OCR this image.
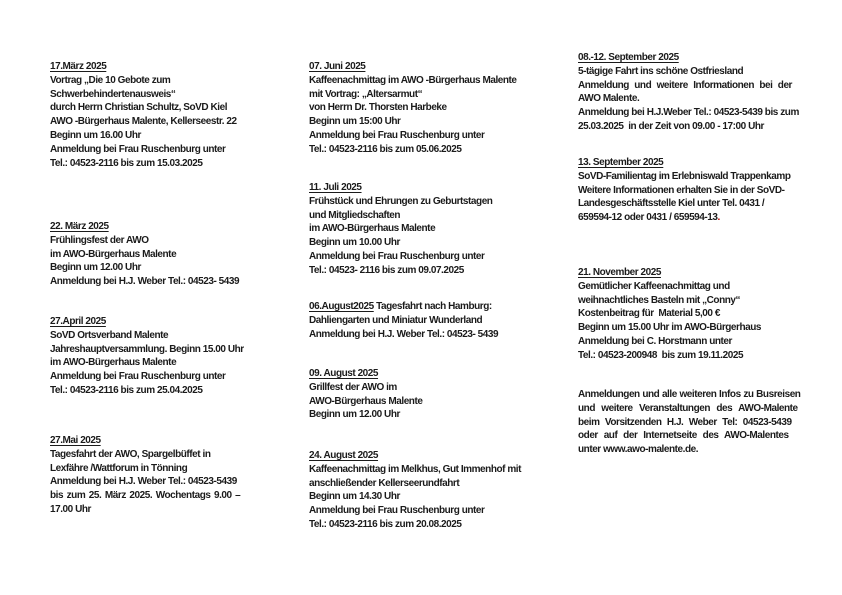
17.März 2025
Vortrag „Die 10 Gebote zum
Schwerbehindertenausweis“
durch Herrn Christian Schultz, SoVD Kiel
AWO -Bürgerhaus Malente, Kellerseestr. 22
Beginn um 16.00 Uhr
Anmeldung bei Frau Ruschenburg unter
Tel.: 04523-2116 bis zum 15.03.2025
22. März 2025
Frühlingsfest der AWO
im AWO-Bürgerhaus Malente
Beginn um 12.00 Uhr
Anmeldung bei H.J. Weber Tel.: 04523- 5439
27.April 2025
SoVD Ortsverband Malente
Jahreshauptversammlung. Beginn 15.00 Uhr
im AWO-Bürgerhaus Malente
Anmeldung bei Frau Ruschenburg unter
Tel.: 04523-2116 bis zum 25.04.2025
27.Mai 2025
Tagesfahrt der AWO, Spargelbüffet in
Lexfähre /Wattforum in Tönning
Anmeldung bei H.J. Weber Tel.: 04523-5439
bis zum 25. März 2025. Wochentags 9.00 –
17.00 Uhr
07. Juni 2025
Kaffeenachmittag im AWO -Bürgerhaus Malente
mit Vortrag: „Altersarmut“
von Herrn Dr. Thorsten Harbeke
Beginn um 15:00 Uhr
Anmeldung bei Frau Ruschenburg unter
Tel.: 04523-2116 bis zum 05.06.2025
11. Juli 2025
Frühstück und Ehrungen zu Geburtstagen
und Mitgliedschaften
im AWO-Bürgerhaus Malente
Beginn um 10.00 Uhr
Anmeldung bei Frau Ruschenburg unter
Tel.: 04523- 2116 bis zum 09.07.2025
06.August2025 Tagesfahrt nach Hamburg:
Dahliengarten und Miniatur Wunderland
Anmeldung bei H.J. Weber Tel.: 04523- 5439
09. August 2025
Grillfest der AWO im
AWO-Bürgerhaus Malente
Beginn um 12.00 Uhr
24. August 2025
Kaffeenachmittag im Melkhus, Gut Immenhof mit
anschließender Kellerseerundfahrt
Beginn um 14.30 Uhr
Anmeldung bei Frau Ruschenburg unter
Tel.: 04523-2116 bis zum 20.08.2025
08.-12. September 2025
5-tägige Fahrt ins schöne Ostfriesland
Anmeldung und weitere Informationen bei der
AWO Malente.
Anmeldung bei H.J.Weber Tel.: 04523-5439 bis zum
25.03.2025  in der Zeit von 09.00 - 17:00 Uhr
13. September 2025
SoVD-Familientag im Erlebniswald Trappenkamp
Weitere Informationen erhalten Sie in der SoVD-
Landesgeschäftsstelle Kiel unter Tel. 0431 /
659594-12 oder 0431 / 659594-13.
21. November 2025
Gemütlicher Kaffeenachmittag und
weihnachtliches Basteln mit „Conny“
Kostenbeitrag für  Material 5,00 €
Beginn um 15.00 Uhr im AWO-Bürgerhaus
Anmeldung bei C. Horstmann unter
Tel.: 04523-200948  bis zum 19.11.2025
Anmeldungen und alle weiteren Infos zu Busreisen
und weitere Veranstaltungen des AWO-Malente
beim Vorsitzenden H.J. Weber Tel: 04523-5439
oder auf der Internetseite des AWO-Malentes
unter www.awo-malente.de.
